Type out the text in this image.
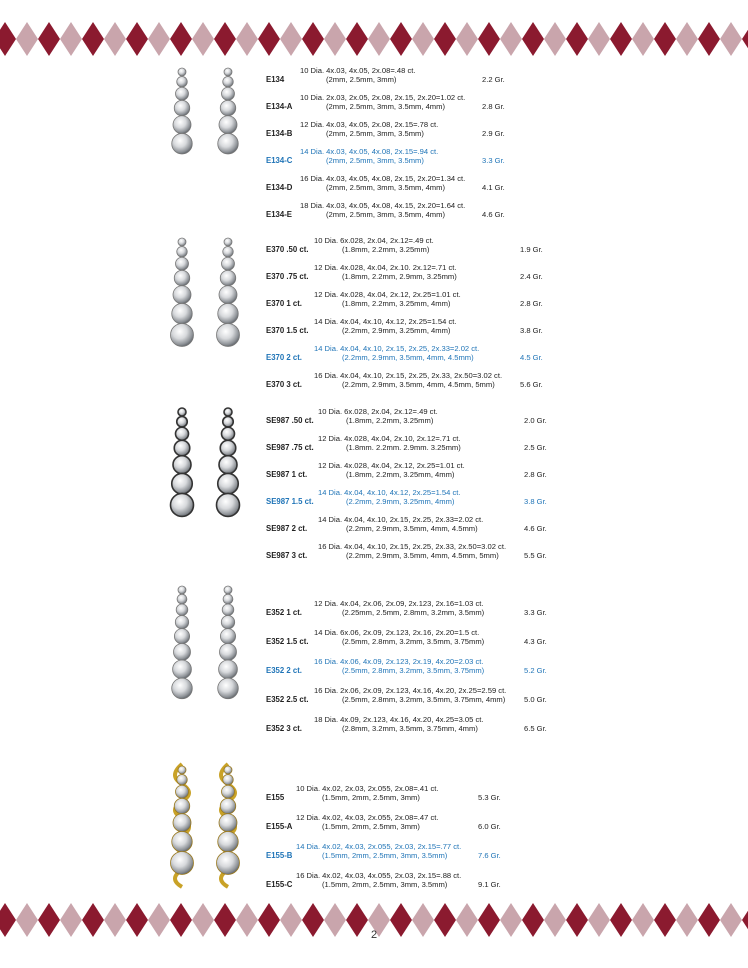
10 Dia. 4x.03, 4x.05, 2x.08=.48 ct.
E134	(2mm, 2.5mm, 3mm)	2.2 Gr.
10 Dia. 2x.03, 2x.05, 2x.08, 2x.15, 2x.20=1.02 ct.
E134-A	(2mm, 2.5mm, 3mm, 3.5mm, 4mm)	2.8 Gr.
12 Dia. 4x.03, 4x.05, 2x.08, 2x.15=.78 ct.
E134-B	(2mm, 2.5mm, 3mm, 3.5mm)	2.9 Gr.
14 Dia. 4x.03, 4x.05, 4x.08, 2x.15=.94 ct.
E134-C	(2mm, 2.5mm, 3mm, 3.5mm)	3.3 Gr.
16 Dia. 4x.03, 4x.05, 4x.08, 2x.15, 2x.20=1.34 ct.
E134-D	(2mm, 2.5mm, 3mm, 3.5mm, 4mm)	4.1 Gr.
18 Dia. 4x.03, 4x.05, 4x.08, 4x.15, 2x.20=1.64 ct.
E134-E	(2mm, 2.5mm, 3mm, 3.5mm, 4mm)	4.6 Gr.
10 Dia. 6x.028, 2x.04, 2x.12=.49 ct.
E370 .50 ct.	(1.8mm, 2.2mm, 3.25mm)	1.9 Gr.
12 Dia. 4x.028, 4x.04, 2x.10. 2x.12=.71 ct.
E370 .75 ct.	(1.8mm, 2.2mm, 2.9mm, 3.25mm)	2.4 Gr.
12 Dia. 4x.028, 4x.04, 2x.12, 2x.25=1.01 ct.
E370 1 ct.	(1.8mm, 2.2mm, 3.25mm, 4mm)	2.8 Gr.
14 Dia. 4x.04, 4x.10, 4x.12, 2x.25=1.54 ct.
E370 1.5 ct.	(2.2mm, 2.9mm, 3.25mm, 4mm)	3.8 Gr.
14 Dia. 4x.04, 4x.10, 2x.15, 2x.25, 2x.33=2.02 ct.
E370 2 ct.	(2.2mm, 2.9mm, 3.5mm, 4mm, 4.5mm)	4.5 Gr.
16 Dia. 4x.04, 4x.10, 2x.15, 2x.25, 2x.33, 2x.50=3.02 ct.
E370 3 ct.	(2.2mm, 2.9mm, 3.5mm, 4mm, 4.5mm, 5mm)	5.6 Gr.
10 Dia. 6x.028, 2x.04, 2x.12=.49 ct.
SE987 .50 ct.	(1.8mm, 2.2mm, 3.25mm)	2.0 Gr.
12 Dia. 4x.028, 4x.04, 2x.10, 2x.12=.71 ct.
SE987 .75 ct.	(1.8mm. 2.2mm. 2.9mm. 3.25mm)	2.5 Gr.
12 Dia. 4x.028, 4x.04, 2x.12, 2x.25=1.01 ct.
SE987 1 ct.	(1.8mm, 2.2mm, 3.25mm, 4mm)	2.8 Gr.
14 Dia. 4x.04, 4x.10, 4x.12, 2x.25=1.54 ct.
SE987 1.5 ct.	(2.2mm, 2.9mm, 3.25mm, 4mm)	3.8 Gr.
14 Dia. 4x.04, 4x.10, 2x.15, 2x.25, 2x.33=2.02 ct.
SE987 2 ct.	(2.2mm, 2.9mm, 3.5mm, 4mm, 4.5mm)	4.6 Gr.
16 Dia. 4x.04, 4x.10, 2x.15, 2x.25, 2x.33, 2x.50=3.02 ct.
SE987 3 ct.	(2.2mm, 2.9mm, 3.5mm, 4mm, 4.5mm, 5mm)	5.5 Gr.
12 Dia. 4x.04, 2x.06, 2x.09, 2x.123, 2x.16=1.03 ct.
E352 1 ct.	(2.25mm, 2.5mm, 2.8mm, 3.2mm, 3.5mm)	3.3 Gr.
14 Dia. 6x.06, 2x.09, 2x.123, 2x.16, 2x.20=1.5 ct.
E352 1.5 ct.	(2.5mm, 2.8mm, 3.2mm, 3.5mm, 3.75mm)	4.3 Gr.
16 Dia. 4x.06, 4x.09, 2x.123, 2x.19, 4x.20=2.03 ct.
E352 2 ct.	(2.5mm, 2.8mm, 3.2mm, 3.5mm, 3.75mm)	5.2 Gr.
16 Dia. 2x.06, 2x.09, 2x.123, 4x.16, 4x.20, 2x.25=2.59 ct.
E352 2.5 ct.	(2.5mm, 2.8mm, 3.2mm, 3.5mm, 3.75mm, 4mm) 5.0 Gr.
18 Dia. 4x.09, 2x.123, 4x.16, 4x.20, 4x.25=3.05 ct.
E352 3 ct.	(2.8mm, 3.2mm, 3.5mm, 3.75mm, 4mm)	6.5 Gr.
10 Dia. 4x.02, 2x.03, 2x.055, 2x.08=.41 ct.
E155	(1.5mm, 2mm, 2.5mm, 3mm)	5.3 Gr.
12 Dia. 4x.02, 4x.03, 2x.055, 2x.08=.47 ct.
E155-A	(1.5mm, 2mm, 2.5mm, 3mm)	6.0 Gr.
14 Dia. 4x.02, 4x.03, 2x.055, 2x.03, 2x.15=.77 ct.
E155-B	(1.5mm, 2mm, 2.5mm, 3mm, 3.5mm)	7.6 Gr.
16 Dia. 4x.02, 4x.03, 4x.055, 2x.03, 2x.15=.88 ct.
E155-C	(1.5mm, 2mm, 2.5mm, 3mm, 3.5mm)	9.1 Gr.
2
